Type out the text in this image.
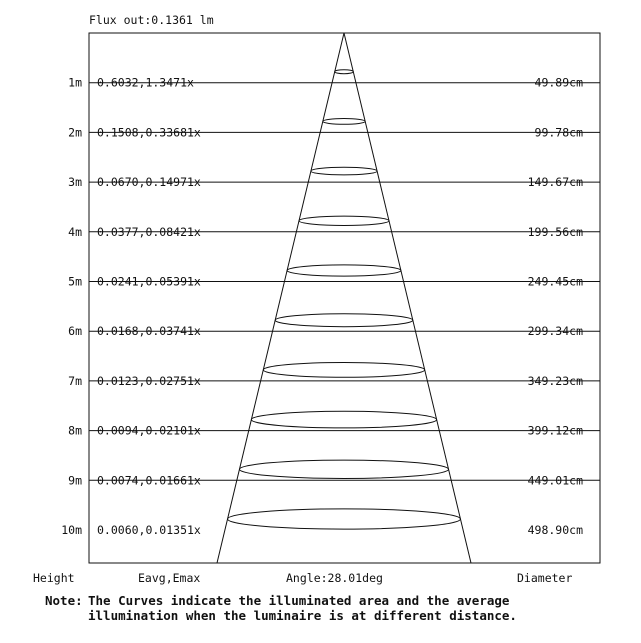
Flux out:0.1361 lm
1m 0.6032,1.3471x	49.89cm
2m 0.1508,0.33681x	99.78cm
3m 0.0670,0.14971x	149.67cm
4m 0.0377,0.08421x	199.56cm
5m 0.0241,0.05391x	249.45cm
6m 0.0168,0.03741x	299.34cm
7m 0.0123,0.02751x	349.23cm
8m 0.0094,0.02101x	399.12cm
9m 0.0074,0.01661x	449.01cm
10m 0.0060,0.01351x	498.90cm
Height	Eavg,Emax	Angle:28.01deg	Diameter
Note: The Curves indicate the illuminated area and the average
illumination when the luminaire is at different distance.
